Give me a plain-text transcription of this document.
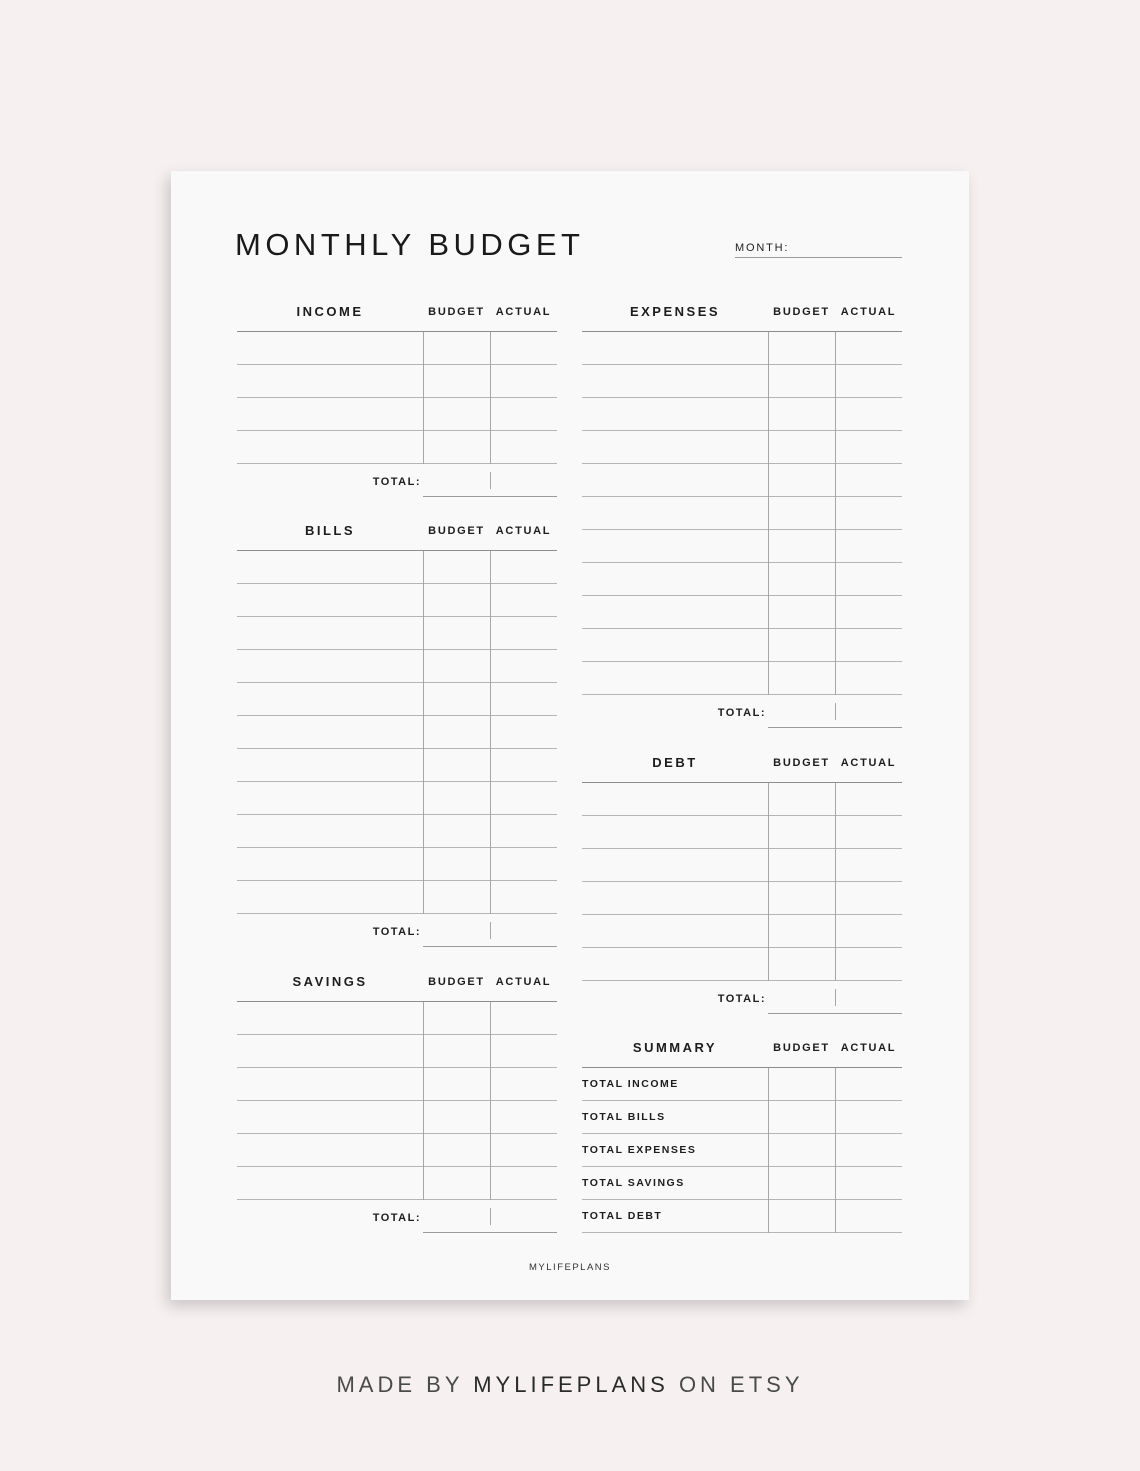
MONTHLY BUDGET	MONTH:
INCOME	BUDGET ACTUAL
TOTAL:
BILLS	BUDGET ACTUAL
TOTAL:
SAVINGS	BUDGET ACTUAL
TOTAL:
EXPENSES	BUDGET ACTUAL
TOTAL:
DEBT	BUDGET ACTUAL
TOTAL:
SUMMARY	BUDGET ACTUAL
TOTAL INCOME
TOTAL BILLS
TOTAL EXPENSES
TOTAL SAVINGS
TOTAL DEBT
MYLIFEPLANS
MADE BY MYLIFEPLANS ON ETSY
